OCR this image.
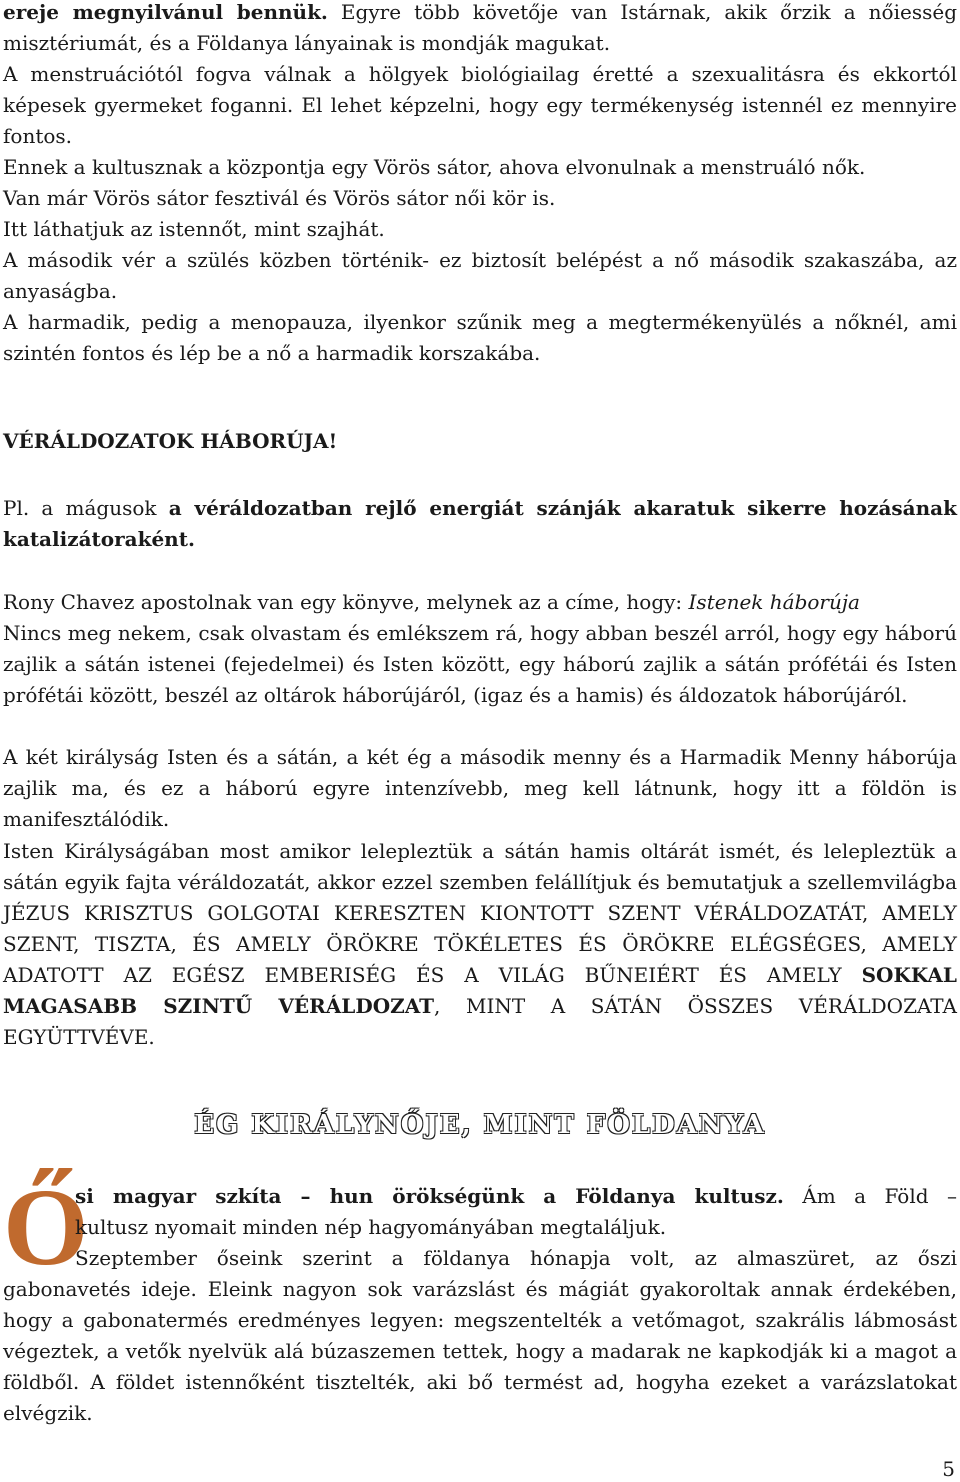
ereje megnyilvánul bennük. Egyre több követője van Istárnak, akik őrzik a nőiesség misztériumát, és a Földanya lányainak is mondják magukat.

A menstruációtól fogva válnak a hölgyek biológiailag éretté a szexualitásra és ekkortól képesek gyermeket foganni. El lehet képzelni, hogy egy termékenység istennél ez mennyire fontos.

Ennek a kultusznak a központja egy Vörös sátor, ahova elvonulnak a menstruáló nők.

Van már Vörös sátor fesztivál és Vörös sátor női kör is.

Itt láthatjuk az istennőt, mint szajhát.

A második vér a szülés közben történik- ez biztosít belépést a nő második szakaszába, az anyaságba.

A harmadik, pedig a menopauza, ilyenkor szűnik meg a megtermékenyülés a nőknél, ami szintén fontos és lép be a nő a harmadik korszakába.

VÉRÁLDOZATOK HÁBORÚJA!

Pl. a mágusok a véráldozatban rejlő energiát szánják akaratuk sikerre hozásának katalizátoraként.

Rony Chavez apostolnak van egy könyve, melynek az a címe, hogy: Istenek háborúja

Nincs meg nekem, csak olvastam és emlékszem rá, hogy abban beszél arról, hogy egy háború zajlik a sátán istenei (fejedelmei) és Isten között, egy háború zajlik a sátán prófétái és Isten prófétái között, beszél az oltárok háborújáról, (igaz és a hamis) és áldozatok háborújáról.

A két királyság Isten és a sátán, a két ég a második menny és a Harmadik Menny háborúja zajlik ma, és ez a háború egyre intenzívebb, meg kell látnunk, hogy itt a földön is manifesztálódik.

Isten Királyságában most amikor lelepleztük a sátán hamis oltárát ismét, és lelepleztük a sátán egyik fajta véráldozatát, akkor ezzel szemben felállítjuk és bemutatjuk a szellemvilágba JÉZUS KRISZTUS GOLGOTAI KERESZTEN KIONTOTT SZENT VÉRÁLDOZATÁT, AMELY SZENT, TISZTA, ÉS AMELY ÖRÖKRE TÖKÉLETES ÉS ÖRÖKRE ELÉGSÉGES, AMELY ADATOTT AZ EGÉSZ EMBERISÉG ÉS A VILÁG BŰNEIÉRT ÉS AMELY SOKKAL MAGASABB SZINTŰ VÉRÁLDOZAT, MINT A SÁTÁN ÖSSZES VÉRÁLDOZATA EGYÜTTVÉVE.

ÉG KIRÁLYNŐJE, MINT FÖLDANYA
Ő

si magyar szkíta – hun örökségünk a Földanya kultusz. Ám a Föld –

kultusz nyomait minden nép hagyományában megtaláljuk.

Szeptember őseink szerint a földanya hónapja volt, az almaszüret, az őszi

gabonavetés ideje. Eleink nagyon sok varázslást és mágiát gyakoroltak annak érdekében, hogy a gabonatermés eredményes legyen: megszentelték a vetőmagot, szakrális lábmosást végeztek, a vetők nyelvük alá búzaszemen tettek, hogy a madarak ne kapkodják ki a magot a földből. A földet istennőként tisztelték, aki bő termést ad, hogyha ezeket a varázslatokat elvégzik.

5
